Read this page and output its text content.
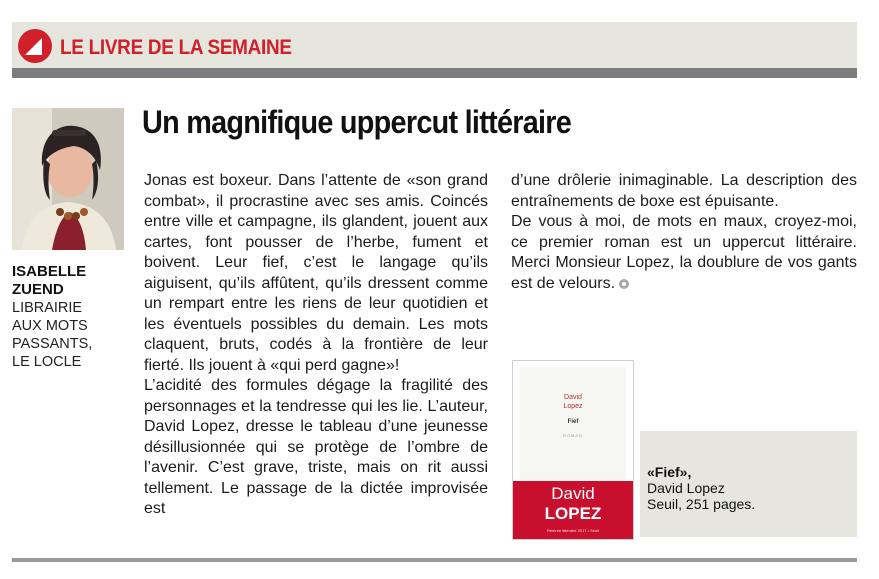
LE LIVRE DE LA SEMAINE
ISABELLE
ZUEND
LIBRAIRIE
AUX MOTS
PASSANTS,
LE LOCLE
Un magnifique uppercut littéraire

Jonas est boxeur. Dans l’attente de «son grand combat», il procrastine avec ses amis. Coincés entre ville et campagne, ils glandent, jouent aux cartes, font pousser de l’herbe, fument et boivent. Leur fief, c’est le langage qu’ils aiguisent, qu’ils affûtent, qu’ils dressent comme un rempart entre les riens de leur quotidien et les éventuels possibles du demain. Les mots claquent, bruts, codés à la frontière de leur fierté. Ils jouent à «qui perd gagne»!

L’acidité des formules dégage la fragilité des personnages et la tendresse qui les lie. L’auteur, David Lopez, dresse le tableau d’une jeunesse désillusionnée qui se protège de l’ombre de l’avenir. C’est grave, triste, mais on rit aussi tellement. Le passage de la dictée improvisée est

d’une drôlerie inimaginable. La description des entraînements de boxe est épuisante.

De vous à moi, de mots en maux, croyez-moi, ce premier roman est un uppercut littéraire. Merci Monsieur Lopez, la doublure de vos gants est de velours.

David
Lopez
Fief
ROMAN
David
LOPEZ
Rentrée littéraire 2017 • Seuil
«Fief»,
David Lopez
Seuil, 251 pages.
